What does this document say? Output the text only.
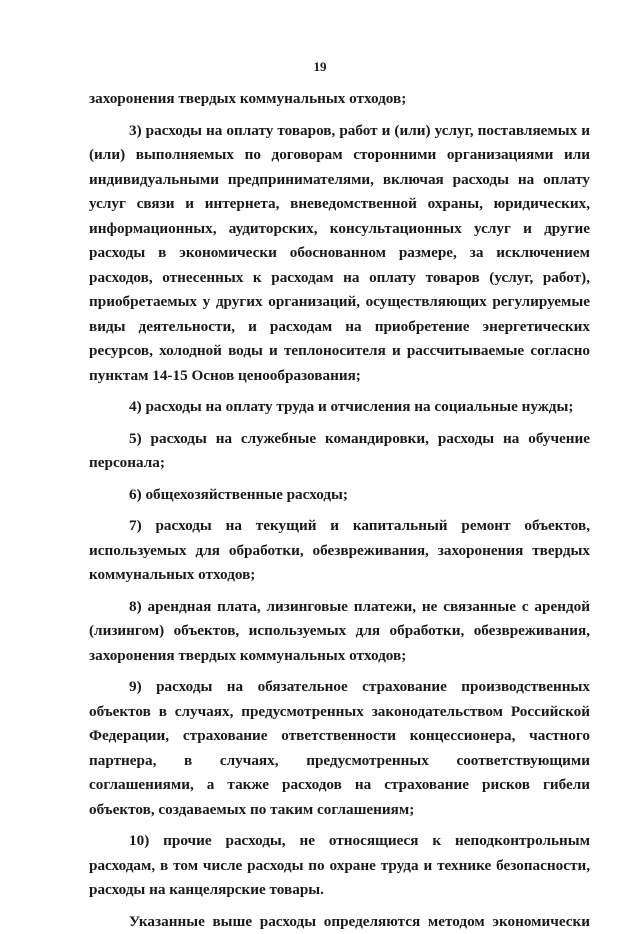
19

захоронения твердых коммунальных отходов;

3) расходы на оплату товаров, работ и (или) услуг, поставляемых и (или) выполняемых по договорам сторонними организациями или индивидуальными предпринимателями, включая расходы на оплату услуг связи и интернета, вневедомственной охраны, юридических, информационных, аудиторских, консультационных услуг и другие расходы в экономически обоснованном размере, за исключением расходов, отнесенных к расходам на оплату товаров (услуг, работ), приобретаемых у других организаций, осуществляющих регулируемые виды деятельности, и расходам на приобретение энергетических ресурсов, холодной воды и теплоносителя и рассчитываемые согласно пунктам 14-15 Основ ценообразования;

4) расходы на оплату труда и отчисления на социальные нужды;

5) расходы на служебные командировки, расходы на обучение персонала;

6) общехозяйственные расходы;

7) расходы на текущий и капитальный ремонт объектов, используемых для обработки, обезвреживания, захоронения твердых коммунальных отходов;

8) арендная плата, лизинговые платежи, не связанные с арендой (лизингом) объектов, используемых для обработки, обезвреживания, захоронения твердых коммунальных отходов;

9) расходы на обязательное страхование производственных объектов в случаях, предусмотренных законодательством Российской Федерации, страхование ответственности концессионера, частного партнера, в случаях, предусмотренных соответствующими соглашениями, а также расходов на страхование рисков гибели объектов, создаваемых по таким соглашениям;

10) прочие расходы, не относящиеся к неподконтрольным расходам, в том числе расходы по охране труда и технике безопасности, расходы на канцелярские товары.

Указанные выше расходы определяются методом экономически
